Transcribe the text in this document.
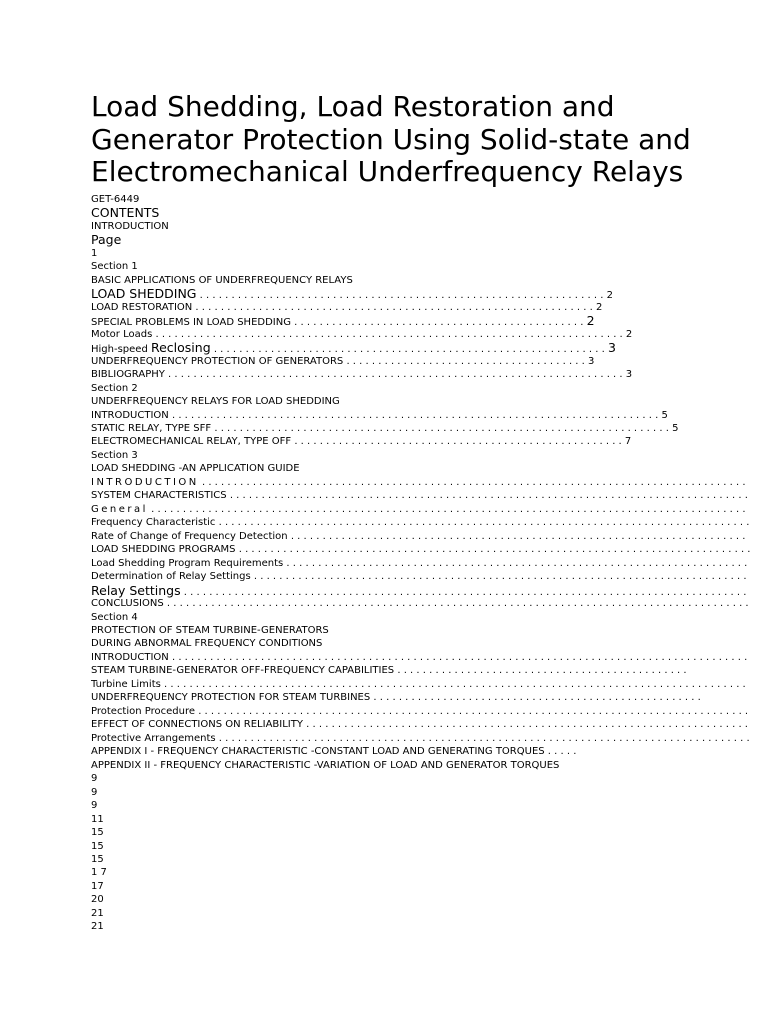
Load Shedding, Load Restoration and Generator Protection Using Solid-state and Electromechanical Underfrequency Relays
GET-6449
CONTENTS
INTRODUCTION
Page
1
Section 1
BASIC APPLICATIONS OF UNDERFREQUENCY RELAYS
LOAD SHEDDING . . . . . . . . . . . . . . . . . . . . . . . . . . . . . . . . . . . . . . . . . . . . . . . . . . . . . . . . . . . . . . . . 2
LOAD RESTORATION . . . . . . . . . . . . . . . . . . . . . . . . . . . . . . . . . . . . . . . . . . . . . . . . . . . . . . . . . . . . . . . 2
SPECIAL PROBLEMS IN LOAD SHEDDING . . . . . . . . . . . . . . . . . . . . . . . . . . . . . . . . . . . . . . . . . . . . . . 2
Motor Loads . . . . . . . . . . . . . . . . . . . . . . . . . . . . . . . . . . . . . . . . . . . . . . . . . . . . . . . . . . . . . . . . . . . . . . . . . . 2
High-speed Reclosing . . . . . . . . . . . . . . . . . . . . . . . . . . . . . . . . . . . . . . . . . . . . . . . . . . . . . . . . . . . . . . 3
UNDERFREQUENCY PROTECTION OF GENERATORS . . . . . . . . . . . . . . . . . . . . . . . . . . . . . . . . . . . . . . 3
BIBLIOGRAPHY . . . . . . . . . . . . . . . . . . . . . . . . . . . . . . . . . . . . . . . . . . . . . . . . . . . . . . . . . . . . . . . . . . . . . . . . 3
Section 2
UNDERFREQUENCY RELAYS FOR LOAD SHEDDING
INTRODUCTION . . . . . . . . . . . . . . . . . . . . . . . . . . . . . . . . . . . . . . . . . . . . . . . . . . . . . . . . . . . . . . . . . . . . . . . . . . . . . 5
STATIC RELAY, TYPE SFF . . . . . . . . . . . . . . . . . . . . . . . . . . . . . . . . . . . . . . . . . . . . . . . . . . . . . . . . . . . . . . . . . . . . . . . . 5
ELECTROMECHANICAL RELAY, TYPE OFF . . . . . . . . . . . . . . . . . . . . . . . . . . . . . . . . . . . . . . . . . . . . . . . . . . . . 7
Section 3
LOAD SHEDDING -AN APPLICATION GUIDE
INTRODUCTION . . . . . . . . . . . . . . . . . . . . . . . . . . . . . . . . . . . . . . . . . . . . . . . . . . . . . . . . . . . . . . . . . . . . . . . . . . . . . . . . . . . . . .
SYSTEM CHARACTERISTICS . . . . . . . . . . . . . . . . . . . . . . . . . . . . . . . . . . . . . . . . . . . . . . . . . . . . . . . . . . . . . . . . . . . . . . . . . . . . . . . . . .
General . . . . . . . . . . . . . . . . . . . . . . . . . . . . . . . . . . . . . . . . . . . . . . . . . . . . . . . . . . . . . . . . . . . . . . . . . . . . . . . . . . . . . . . . . . . . . .
Frequency Characteristic . . . . . . . . . . . . . . . . . . . . . . . . . . . . . . . . . . . . . . . . . . . . . . . . . . . . . . . . . . . . . . . . . . . . . . . . . . . . . . . . . . . .
Rate of Change of Frequency Detection . . . . . . . . . . . . . . . . . . . . . . . . . . . . . . . . . . . . . . . . . . . . . . . . . . . . . . . . . . . . . . . . . . . . . . . .
LOAD SHEDDING PROGRAMS . . . . . . . . . . . . . . . . . . . . . . . . . . . . . . . . . . . . . . . . . . . . . . . . . . . . . . . . . . . . . . . . . . . . . . . . . . . . . . . . .
Load Shedding Program Requirements . . . . . . . . . . . . . . . . . . . . . . . . . . . . . . . . . . . . . . . . . . . . . . . . . . . . . . . . . . . . . . . . . . . . . . . . .
Determination of Relay Settings . . . . . . . . . . . . . . . . . . . . . . . . . . . . . . . . . . . . . . . . . . . . . . . . . . . . . . . . . . . . . . . . . . . . . . . . . . . . . .
Relay Settings . . . . . . . . . . . . . . . . . . . . . . . . . . . . . . . . . . . . . . . . . . . . . . . . . . . . . . . . . . . . . . . . . . . . . . . . . . . . . . . . . . . . . . . . .
CONCLUSIONS . . . . . . . . . . . . . . . . . . . . . . . . . . . . . . . . . . . . . . . . . . . . . . . . . . . . . . . . . . . . . . . . . . . . . . . . . . . . . . . . . . . . . . . . . . . .
Section 4
PROTECTION OF STEAM TURBINE-GENERATORS
DURING ABNORMAL FREQUENCY CONDITIONS
INTRODUCTION . . . . . . . . . . . . . . . . . . . . . . . . . . . . . . . . . . . . . . . . . . . . . . . . . . . . . . . . . . . . . . . . . . . . . . . . . . . . . . . . . . . . . . . . . . .
STEAM TURBINE-GENERATOR OFF-FREQUENCY CAPABILITIES . . . . . . . . . . . . . . . . . . . . . . . . . . . . . . . . . . . . . . . . . . . . . .
Turbine Limits . . . . . . . . . . . . . . . . . . . . . . . . . . . . . . . . . . . . . . . . . . . . . . . . . . . . . . . . . . . . . . . . . . . . . . . . . . . . . . . . . . . . . . . . . . . .
UNDERFREQUENCY PROTECTION FOR STEAM TURBINES . . . . . . . . . . . . . . . . . . . . . . . . . . . . . . . . . . . . . . . . . . . . . . . . . . . .
Protection Procedure . . . . . . . . . . . . . . . . . . . . . . . . . . . . . . . . . . . . . . . . . . . . . . . . . . . . . . . . . . . . . . . . . . . . . . . . . . . . . . . . . . . . . . .
EFFECT OF CONNECTIONS ON RELIABILITY . . . . . . . . . . . . . . . . . . . . . . . . . . . . . . . . . . . . . . . . . . . . . . . . . . . . . . . . . . . . . . . . . . . . . .
Protective Arrangements . . . . . . . . . . . . . . . . . . . . . . . . . . . . . . . . . . . . . . . . . . . . . . . . . . . . . . . . . . . . . . . . . . . . . . . . . . . . . . . . . . . .
APPENDIX I - FREQUENCY CHARACTERISTIC -CONSTANT LOAD AND GENERATING TORQUES . . . . .
APPENDIX II - FREQUENCY CHARACTERISTIC -VARIATION OF LOAD AND GENERATOR TORQUES
9
9
9
11
15
15
15
1 7
17
20
21
21
